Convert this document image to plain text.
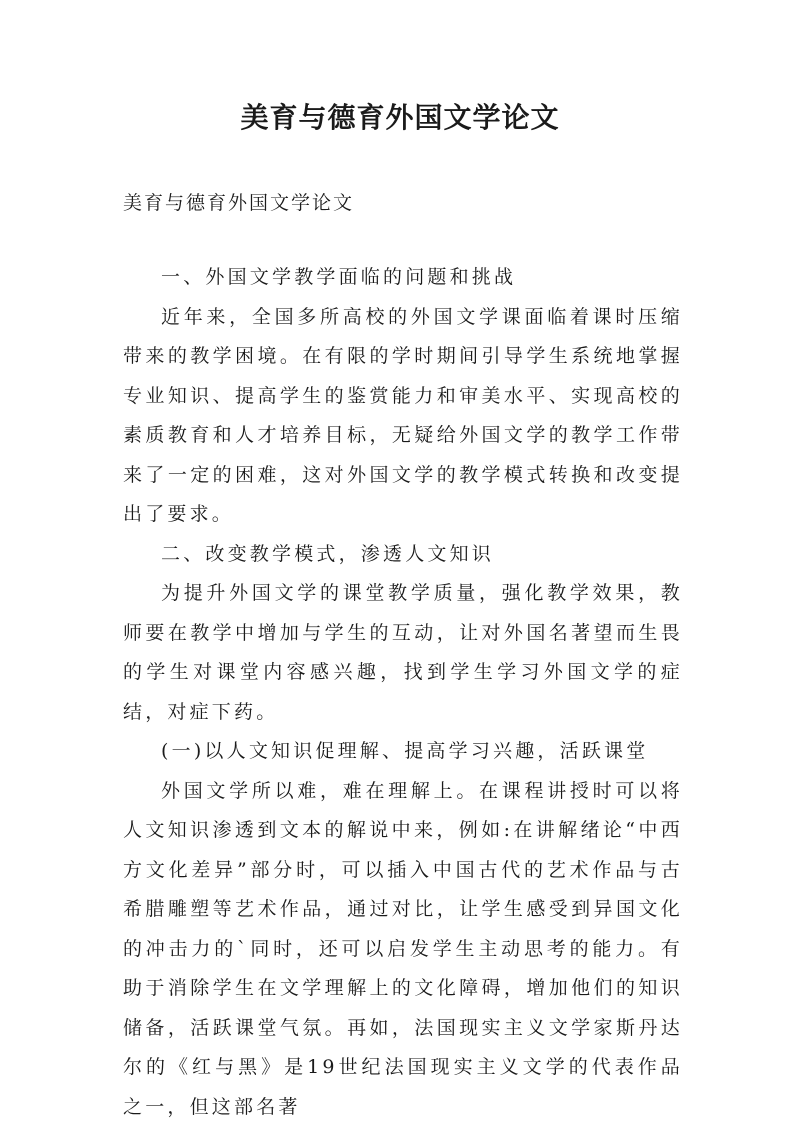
美育与德育外国文学论文

美育与德育外国文学论文

一、外国文学教学面临的问题和挑战

近年来，全国多所高校的外国文学课面临着课时压缩带来的教学困境。在有限的学时期间引导学生系统地掌握专业知识、提高学生的鉴赏能力和审美水平、实现高校的素质教育和人才培养目标，无疑给外国文学的教学工作带来了一定的困难，这对外国文学的教学模式转换和改变提出了要求。

二、改变教学模式，渗透人文知识

为提升外国文学的课堂教学质量，强化教学效果，教师要在教学中增加与学生的互动，让对外国名著望而生畏的学生对课堂内容感兴趣，找到学生学习外国文学的症结，对症下药。

(一)以人文知识促理解、提高学习兴趣，活跃课堂

外国文学所以难，难在理解上。在课程讲授时可以将人文知识渗透到文本的解说中来，例如:在讲解绪论“中西方文化差异”部分时，可以插入中国古代的艺术作品与古希腊雕塑等艺术作品，通过对比，让学生感受到异国文化的冲击力的`同时，还可以启发学生主动思考的能力。有助于消除学生在文学理解上的文化障碍，增加他们的知识储备，活跃课堂气氛。再如，法国现实主义文学家斯丹达尔的《红与黑》是19世纪法国现实主义文学的代表作品之一，但这部名著
